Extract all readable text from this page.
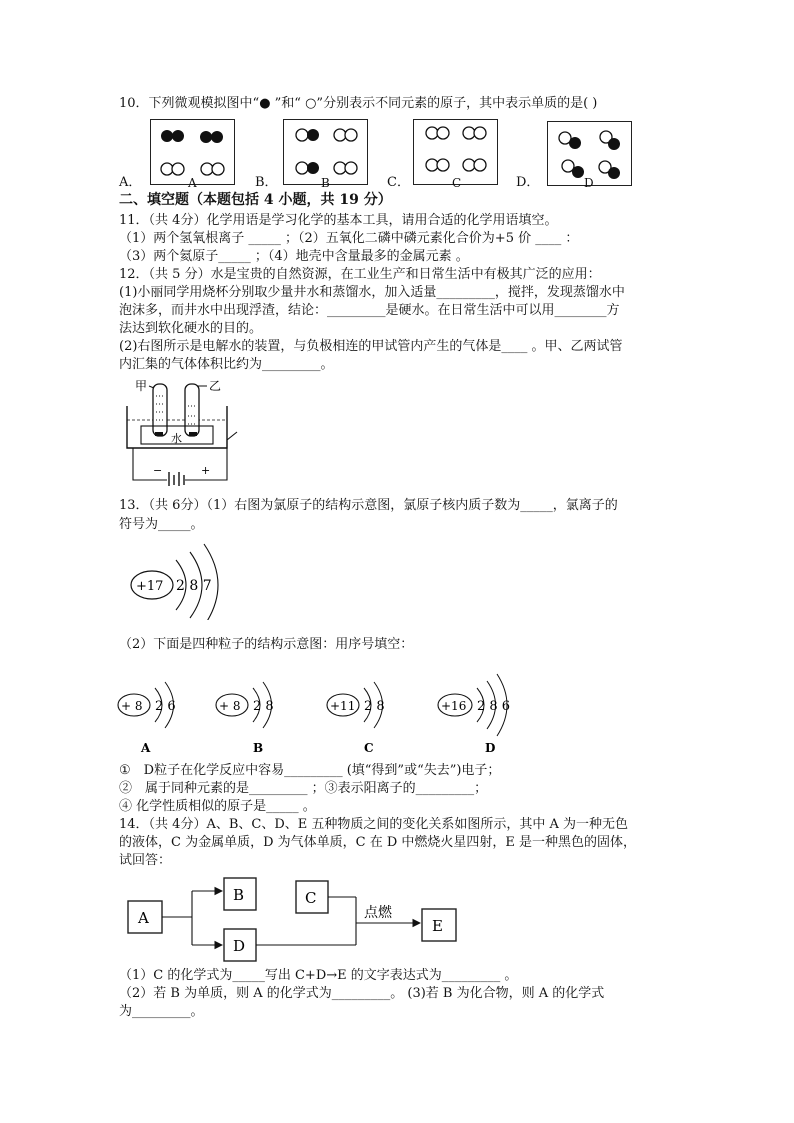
10．下列微观模拟图中“● ”和“ ○”分别表示不同元素的原子，其中表示单质的是( )
A．	B．	C．	D．
A	B	C	D
二、填空题（本题包括 4 小题，共 19 分）
11．（共 4分）化学用语是学习化学的基本工具，请用合适的化学用语填空。
（1）两个氢氧根离子 _____ ；（2）五氧化二磷中磷元素化合价为+5 价 ____ ：
（3）两个氦原子_____ ；（4）地壳中含量最多的金属元素 。
12．（共 5 分）水是宝贵的自然资源，在工业生产和日常生活中有极其广泛的应用：
(1)小丽同学用烧杯分别取少量井水和蒸馏水，加入适量_________，搅拌，发现蒸馏水中
泡沫多，而井水中出现浮渣，结论：_________是硬水。在日常生活中可以用________方
法达到软化硬水的目的。
(2)右图所示是电解水的装置，与负极相连的甲试管内产生的气体是____ 。甲、乙两试管
内汇集的气体体积比约为_________。
甲	乙
水
−	+
13．（共 6分）（1）右图为氯原子的结构示意图，氯原子核内质子数为_____，氯离子的
符号为_____。
+17 2 8 7
（2）下面是四种粒子的结构示意图：用序号填空：
+ 8 2 6
A
+ 8 2 8
B
+11 2 8
C
+16 2 8 6
D
①　D粒子在化学反应中容易_________ (填“得到”或“失去”)电子；
②　属于同种元素的是_________ ；③表示阳离子的_________；
④ 化学性质相似的原子是_____ 。
14．（共 4分）A、B、C、D、E 五种物质之间的变化关系如图所示，其中 A 为一种无色
的液体，C 为金属单质，D 为气体单质，C 在 D 中燃烧火星四射，E 是一种黑色的固体，
试回答：
A
B
D
C
E
点燃
（1）C 的化学式为_____写出 C+D→E 的文字表达式为_________ 。
（2）若 B 为单质，则 A 的化学式为_________。 (3)若 B 为化合物，则 A 的化学式
为_________。
